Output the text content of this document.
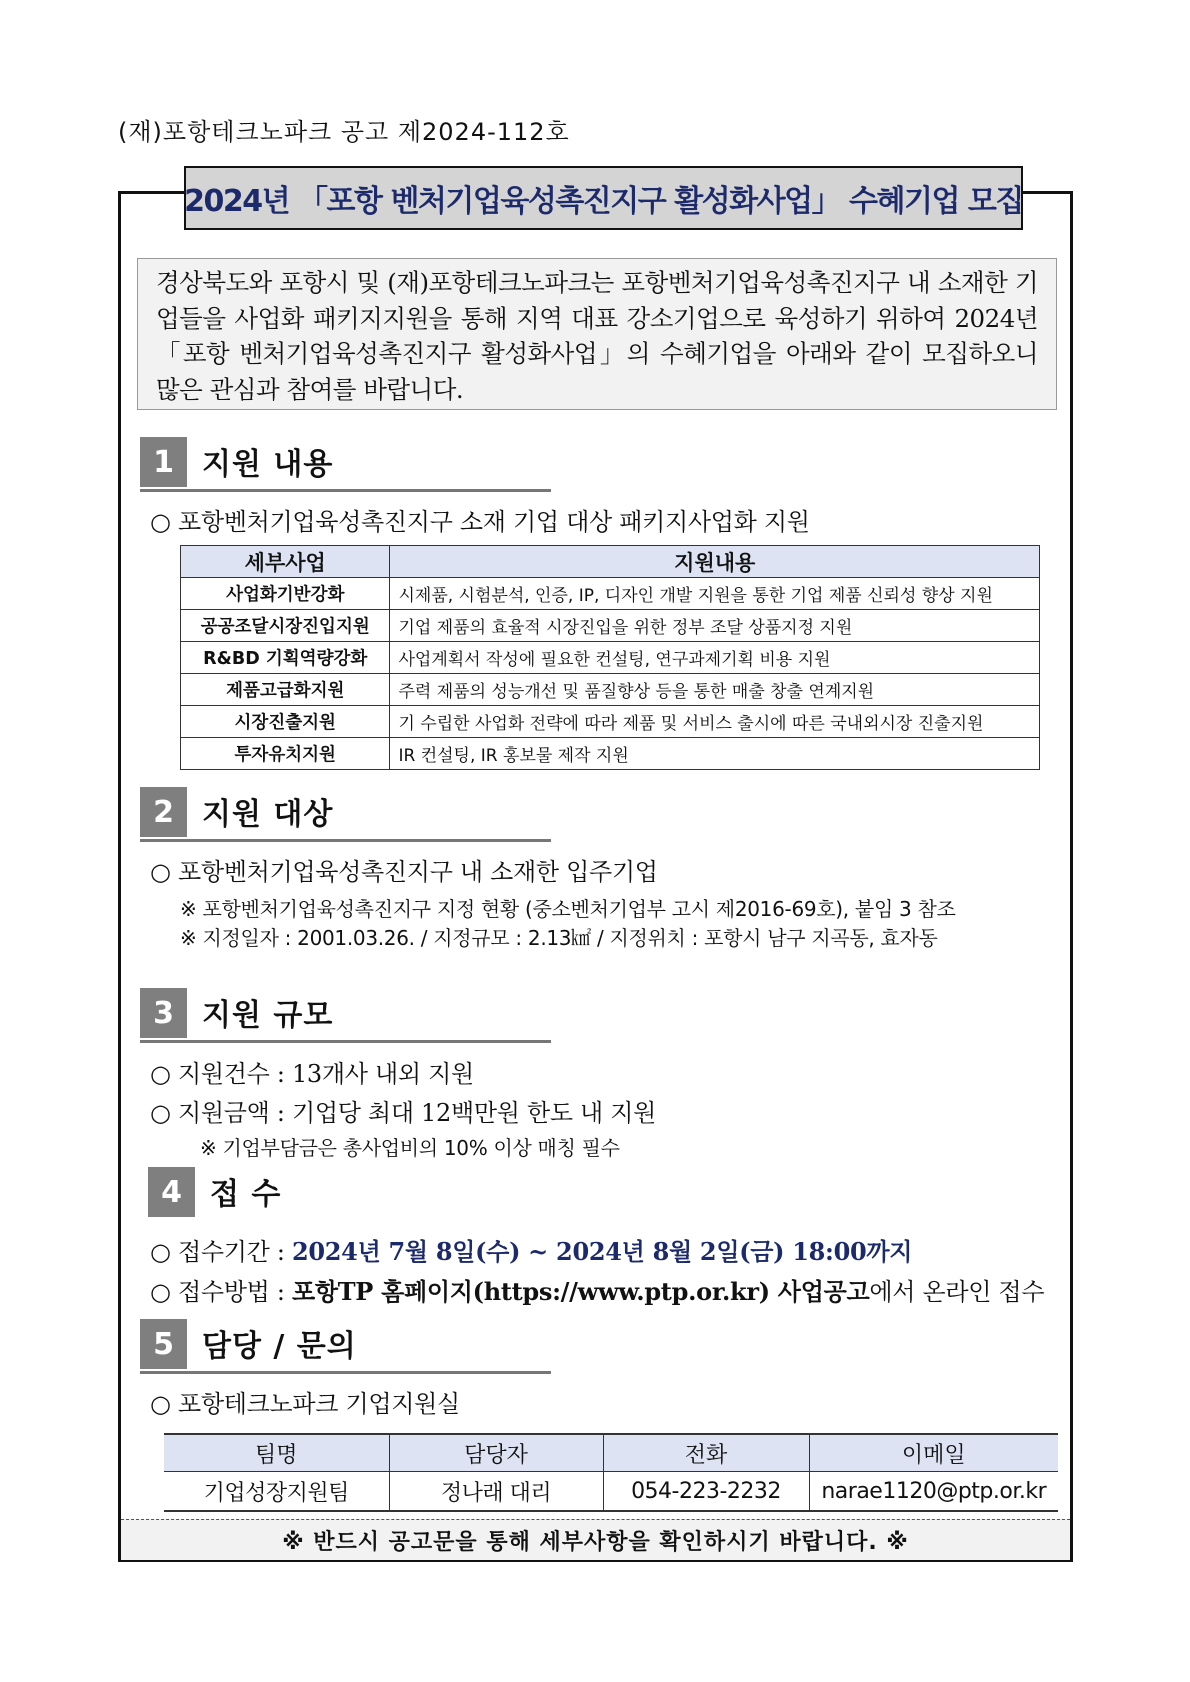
(재)포항테크노파크 공고 제2024-112호
2024년 「포항 벤처기업육성촉진지구 활성화사업」 수혜기업 모집
경상북도와 포항시 및 (재)포항테크노파크는 포항벤처기업육성촉진지구 내 소재한 기업들을 사업화 패키지지원을 통해 지역 대표 강소기업으로 육성하기 위하여 2024년「포항 벤처기업육성촉진지구 활성화사업」의 수혜기업을 아래와 같이 모집하오니 많은 관심과 참여를 바랍니다.
1 지원 내용
○ 포항벤처기업육성촉진지구 소재 기업 대상 패키지사업화 지원
세부사업	지원내용
사업화기반강화	시제품, 시험분석, 인증, IP, 디자인 개발 지원을 통한 기업 제품 신뢰성 향상 지원
공공조달시장진입지원	기업 제품의 효율적 시장진입을 위한 정부 조달 상품지정 지원
R&BD 기획역량강화	사업계획서 작성에 필요한 컨설팅, 연구과제기획 비용 지원
제품고급화지원	주력 제품의 성능개선 및 품질향상 등을 통한 매출 창출 연계지원
시장진출지원	기 수립한 사업화 전략에 따라 제품 및 서비스 출시에 따른 국내외시장 진출지원
투자유치지원	IR 컨설팅, IR 홍보물 제작 지원
2 지원 대상
○ 포항벤처기업육성촉진지구 내 소재한 입주기업
※ 포항벤처기업육성촉진지구 지정 현황 (중소벤처기업부 고시 제2016-69호), 붙임 3 참조
※ 지정일자 : 2001.03.26. / 지정규모 : 2.13㎢ / 지정위치 : 포항시 남구 지곡동, 효자동
3 지원 규모
○ 지원건수 : 13개사 내외 지원
○ 지원금액 : 기업당 최대 12백만원 한도 내 지원
※ 기업부담금은 총사업비의 10% 이상 매칭 필수
4 접 수
○ 접수기간 : 2024년 7월 8일(수) ~ 2024년 8월 2일(금) 18:00까지
○ 접수방법 : 포항TP 홈페이지(https://www.ptp.or.kr) 사업공고에서 온라인 접수
5 담당 / 문의
○ 포항테크노파크 기업지원실
팀명	담당자	전화	이메일
기업성장지원팀	정나래 대리	054-223-2232	narae1120@ptp.or.kr
※ 반드시 공고문을 통해 세부사항을 확인하시기 바랍니다. ※
